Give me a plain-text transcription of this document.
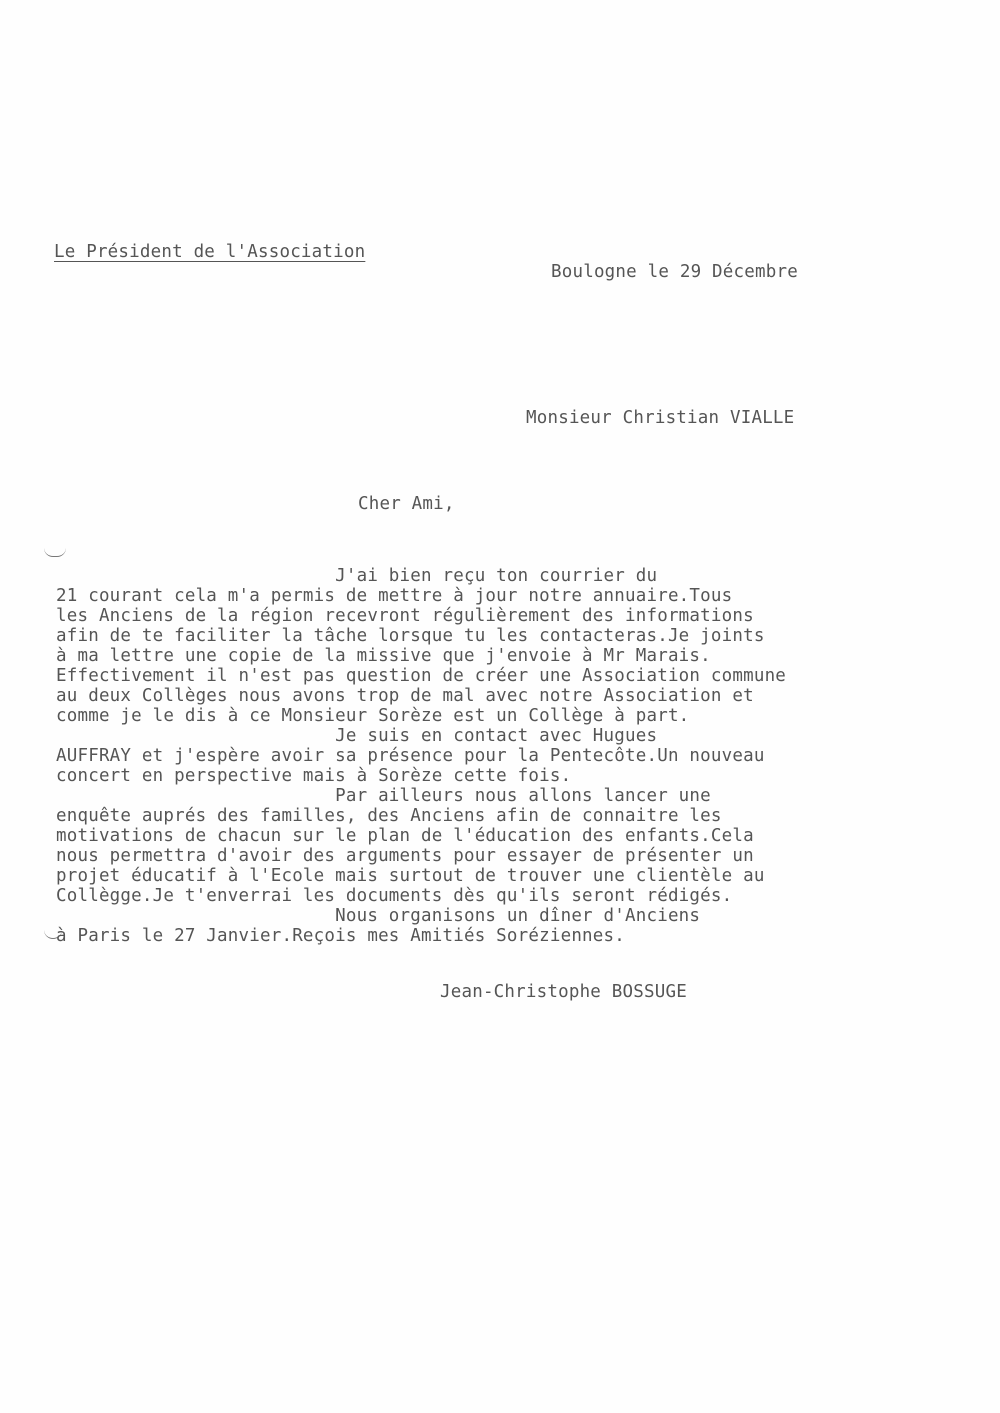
Le Président de l'Association
Boulogne le 29 Décembre
Monsieur Christian VIALLE
Cher Ami,
J'ai bien reçu ton courrier du
21 courant cela m'a permis de mettre à jour notre annuaire.Tous
les Anciens de la région recevront régulièrement des informations
afin de te faciliter la tâche lorsque tu les contacteras.Je joints
à ma lettre une copie de la missive que j'envoie à Mr Marais.
Effectivement il n'est pas question de créer une Association commune
au deux Collèges nous avons trop de mal avec notre Association et
comme je le dis à ce Monsieur Sorèze est un Collège à part.
Je suis en contact avec Hugues
AUFFRAY et j'espère avoir sa présence pour la Pentecôte.Un nouveau
concert en perspective mais à Sorèze cette fois.
Par ailleurs nous allons lancer une
enquête auprés des familles, des Anciens afin de connaitre les
motivations de chacun sur le plan de l'éducation des enfants.Cela
nous permettra d'avoir des arguments pour essayer de présenter un
projet éducatif à l'Ecole mais surtout de trouver une clientèle au
Collègge.Je t'enverrai les documents dès qu'ils seront rédigés.
Nous organisons un dîner d'Anciens
à Paris le 27 Janvier.Reçois mes Amitiés Soréziennes.
Jean-Christophe BOSSUGE
